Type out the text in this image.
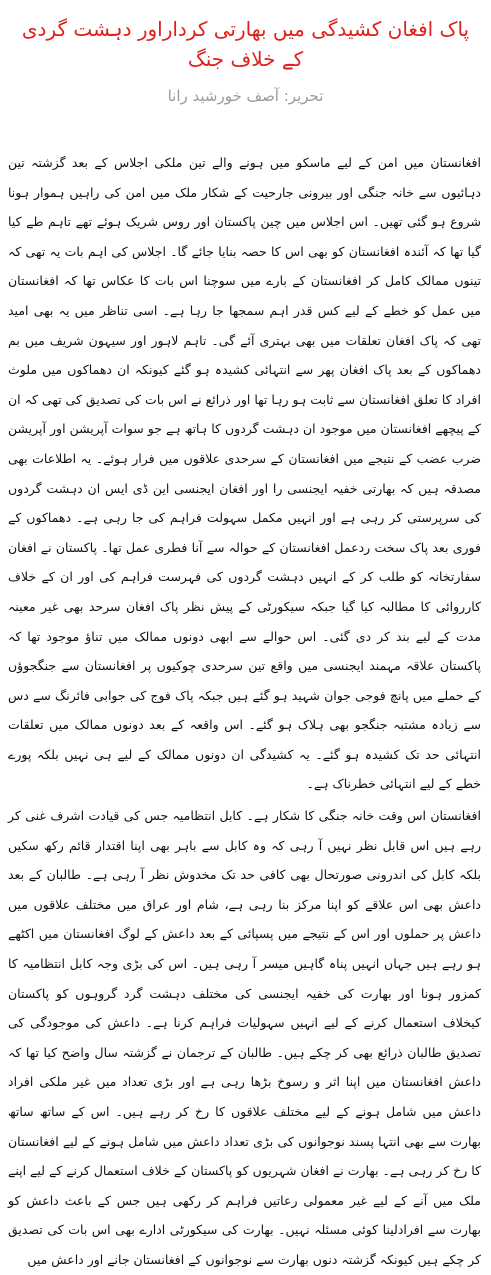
پاک افغان کشیدگی میں بھارتی کرداراور دہشت گردی کے خلاف جنگ
تحریر: آصف خورشید رانا

افغانستان میں امن کے لیے ماسکو میں ہونے والے تین ملکی اجلاس کے بعد گزشتہ تین دہائیوں سے خانہ جنگی اور بیرونی جارحیت کے شکار ملک میں امن کی راہیں ہموار ہونا شروع ہو گئی تھیں۔ اس اجلاس میں چین پاکستان اور روس شریک ہوئے تھے تاہم طے کیا گیا تھا کہ آئندہ افغانستان کو بھی اس کا حصہ بنایا جائے گا۔ اجلاس کی اہم بات یہ تھی کہ تینوں ممالک کامل کر افغانستان کے بارے میں سوچنا اس بات کا عکاس تھا کہ افغانستان میں عمل کو خطے کے لیے کس قدر اہم سمجھا جا رہا ہے۔ اسی تناظر میں یہ بھی امید تھی کہ پاک افغان تعلقات میں بھی بہتری آئے گی۔ تاہم لاہور اور سیہون شریف میں بم دھماکوں کے بعد پاک افغان پھر سے انتہائی کشیدہ ہو گئے کیونکہ ان دھماکوں میں ملوث افراد کا تعلق افغانستان سے ثابت ہو رہا تھا اور ذرائع نے اس بات کی تصدیق کی تھی کہ ان کے پیچھے افغانستان میں موجود ان دہشت گردوں کا ہاتھ ہے جو سوات آپریشن اور آپریشن ضرب عضب کے نتیجے میں افغانستان کے سرحدی علاقوں میں فرار ہوئے۔ یہ اطلاعات بھی مصدقہ ہیں کہ بھارتی خفیہ ایجنسی را اور افغان ایجنسی این ڈی ایس ان دہشت گردوں کی سرپرستی کر رہی ہے اور انہیں مکمل سہولت فراہم کی جا رہی ہے۔ دھماکوں کے فوری بعد پاک سخت ردعمل افغانستان کے حوالہ سے آنا فطری عمل تھا۔ پاکستان نے افغان سفارتخانہ کو طلب کر کے انہیں دہشت گردوں کی فہرست فراہم کی اور ان کے خلاف کارروائی کا مطالبہ کیا گیا جبکہ سیکورٹی کے پیش نظر پاک افغان سرحد بھی غیر معینہ مدت کے لیے بند کر دی گئی۔ اس حوالے سے ابھی دونوں ممالک میں تناؤ موجود تھا کہ پاکستان علاقہ مہمند ایجنسی میں واقع تین سرحدی چوکیوں پر افغانستان سے جنگجوؤں کے حملے میں پانچ فوجی جوان شہید ہو گئے ہیں جبکہ پاک فوج کی جوابی فائرنگ سے دس سے زیادہ مشتبہ جنگجو بھی ہلاک ہو گئے۔ اس واقعہ کے بعد دونوں ممالک میں تعلقات انتہائی حد تک کشیدہ ہو گئے۔ یہ کشیدگی ان دونوں ممالک کے لیے ہی نہیں بلکہ پورے خطے کے لیے انتہائی خطرناک ہے۔

افغانستان اس وقت خانہ جنگی کا شکار ہے۔ کابل انتظامیہ جس کی قیادت اشرف غنی کر رہے ہیں اس قابل نظر نہیں آ رہی کہ وہ کابل سے باہر بھی اپنا اقتدار قائم رکھ سکیں بلکہ کابل کی اندرونی صورتحال بھی کافی حد تک مخدوش نظر آ رہی ہے۔ طالبان کے بعد داعش بھی اس علاقے کو اپنا مرکز بنا رہی ہے، شام اور عراق میں مختلف علاقوں میں داعش پر حملوں اور اس کے نتیجے میں پسپائی کے بعد داعش کے لوگ افغانستان میں اکٹھے ہو رہے ہیں جہاں انہیں پناہ گاہیں میسر آ رہی ہیں۔ اس کی بڑی وجہ کابل انتظامیہ کا کمزور ہونا اور بھارت کی خفیہ ایجنسی کی مختلف دہشت گرد گروہوں کو پاکستان کیخلاف استعمال کرنے کے لیے انہیں سہولیات فراہم کرنا ہے۔ داعش کی موجودگی کی تصدیق طالبان ذرائع بھی کر چکے ہیں۔ طالبان کے ترجمان نے گزشتہ سال واضح کیا تھا کہ داعش افغانستان میں اپنا اثر و رسوخ بڑھا رہی ہے اور بڑی تعداد میں غیر ملکی افراد داعش میں شامل ہونے کے لیے مختلف علاقوں کا رخ کر رہے ہیں۔ اس کے ساتھ ساتھ بھارت سے بھی انتہا پسند نوجوانوں کی بڑی تعداد داعش میں شامل ہونے کے لیے افغانستان کا رخ کر رہی ہے۔ بھارت نے افغان شہریوں کو پاکستان کے خلاف استعمال کرنے کے لیے اپنے ملک میں آنے کے لیے غیر معمولی رعاتیں فراہم کر رکھی ہیں جس کے باعث داعش کو بھارت سے افرادلینا کوئی مسئلہ نہیں۔ بھارت کی سیکورٹی ادارے بھی اس بات کی تصدیق کر چکے ہیں کیونکہ گزشتہ دنوں بھارت سے نوجوانوں کے افغانستان جانے اور داعش میں
